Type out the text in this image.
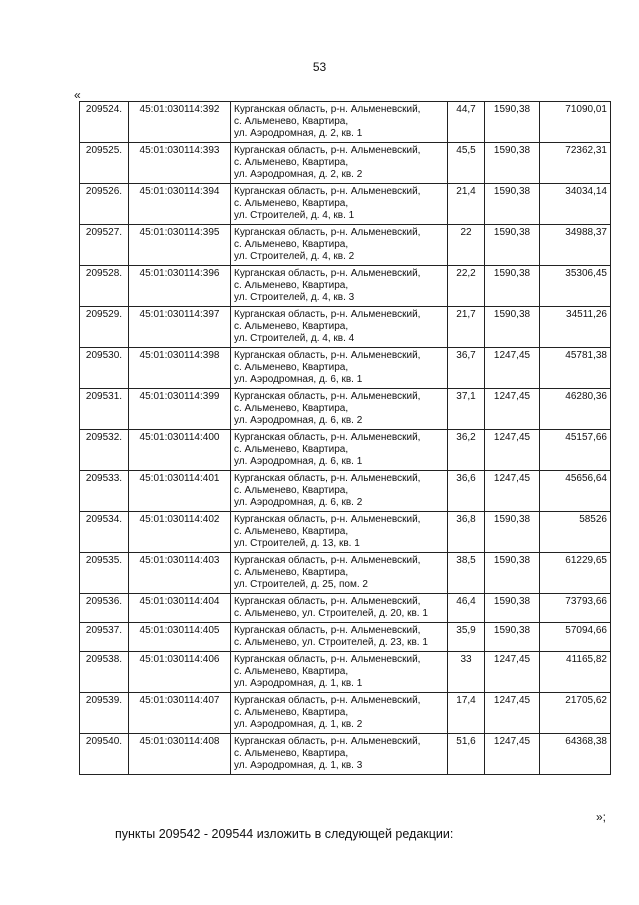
53
«
209524.	45:01:030114:392	Курганская область, р-н. Альменевский,
с. Альменево, Квартира,
ул. Аэродромная, д. 2, кв. 1	44,7	1590,38	71090,01
209525.	45:01:030114:393	Курганская область, р-н. Альменевский,
с. Альменево, Квартира,
ул. Аэродромная, д. 2, кв. 2	45,5	1590,38	72362,31
209526.	45:01:030114:394	Курганская область, р-н. Альменевский,
с. Альменево, Квартира,
ул. Строителей, д. 4, кв. 1	21,4	1590,38	34034,14
209527.	45:01:030114:395	Курганская область, р-н. Альменевский,
с. Альменево, Квартира,
ул. Строителей, д. 4, кв. 2	22	1590,38	34988,37
209528.	45:01:030114:396	Курганская область, р-н. Альменевский,
с. Альменево, Квартира,
ул. Строителей, д. 4, кв. 3	22,2	1590,38	35306,45
209529.	45:01:030114:397	Курганская область, р-н. Альменевский,
с. Альменево, Квартира,
ул. Строителей, д. 4, кв. 4	21,7	1590,38	34511,26
209530.	45:01:030114:398	Курганская область, р-н. Альменевский,
с. Альменево, Квартира,
ул. Аэродромная, д. 6, кв. 1	36,7	1247,45	45781,38
209531.	45:01:030114:399	Курганская область, р-н. Альменевский,
с. Альменево, Квартира,
ул. Аэродромная, д. 6, кв. 2	37,1	1247,45	46280,36
209532.	45:01:030114:400	Курганская область, р-н. Альменевский,
с. Альменево, Квартира,
ул. Аэродромная, д. 6, кв. 1	36,2	1247,45	45157,66
209533.	45:01:030114:401	Курганская область, р-н. Альменевский,
с. Альменево, Квартира,
ул. Аэродромная, д. 6, кв. 2	36,6	1247,45	45656,64
209534.	45:01:030114:402	Курганская область, р-н. Альменевский,
с. Альменево, Квартира,
ул. Строителей, д. 13, кв. 1	36,8	1590,38	58526
209535.	45:01:030114:403	Курганская область, р-н. Альменевский,
с. Альменево, Квартира,
ул. Строителей, д. 25, пом. 2	38,5	1590,38	61229,65
209536.	45:01:030114:404	Курганская область, р-н. Альменевский,
с. Альменево, ул. Строителей, д. 20, кв. 1	46,4	1590,38	73793,66
209537.	45:01:030114:405	Курганская область, р-н. Альменевский,
с. Альменево, ул. Строителей, д. 23, кв. 1	35,9	1590,38	57094,66
209538.	45:01:030114:406	Курганская область, р-н. Альменевский,
с. Альменево, Квартира,
ул. Аэродромная, д. 1, кв. 1	33	1247,45	41165,82
209539.	45:01:030114:407	Курганская область, р-н. Альменевский,
с. Альменево, Квартира,
ул. Аэродромная, д. 1, кв. 2	17,4	1247,45	21705,62
209540.	45:01:030114:408	Курганская область, р-н. Альменевский,
с. Альменево, Квартира,
ул. Аэродромная, д. 1, кв. 3	51,6	1247,45	64368,38
»;
пункты 209542 - 209544 изложить в следующей редакции:
